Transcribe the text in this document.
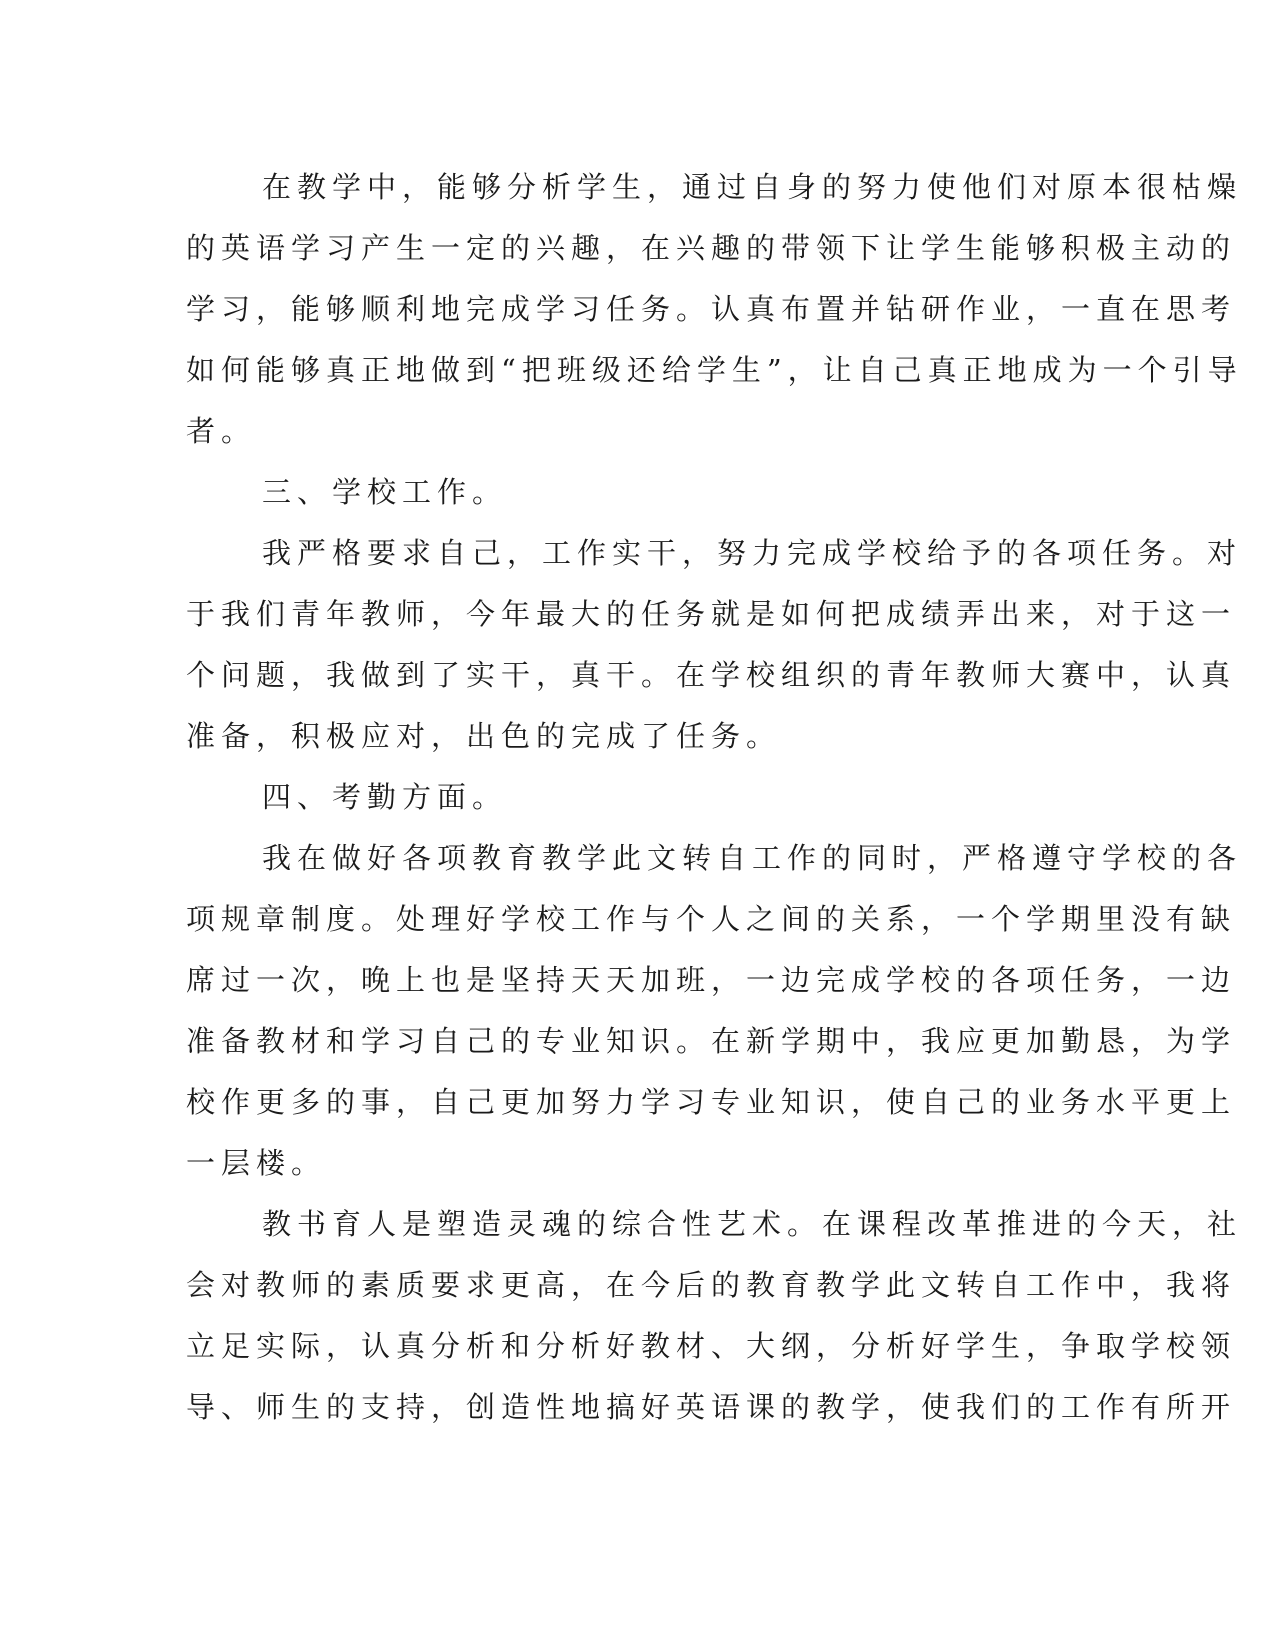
在教学中，能够分析学生，通过自身的努力使他们对原本很枯燥
的英语学习产生一定的兴趣，在兴趣的带领下让学生能够积极主动的
学习，能够顺利地完成学习任务。认真布置并钻研作业，一直在思考
如何能够真正地做到“把班级还给学生”，让自己真正地成为一个引导
者。
三、学校工作。
我严格要求自己，工作实干，努力完成学校给予的各项任务。对
于我们青年教师，今年最大的任务就是如何把成绩弄出来，对于这一
个问题，我做到了实干，真干。在学校组织的青年教师大赛中，认真
准备，积极应对，出色的完成了任务。
四、考勤方面。
我在做好各项教育教学此文转自工作的同时，严格遵守学校的各
项规章制度。处理好学校工作与个人之间的关系，一个学期里没有缺
席过一次，晚上也是坚持天天加班，一边完成学校的各项任务，一边
准备教材和学习自己的专业知识。在新学期中，我应更加勤恳，为学
校作更多的事，自己更加努力学习专业知识，使自己的业务水平更上
一层楼。
教书育人是塑造灵魂的综合性艺术。在课程改革推进的今天，社
会对教师的素质要求更高，在今后的教育教学此文转自工作中，我将
立足实际，认真分析和分析好教材、大纲，分析好学生，争取学校领
导、师生的支持，创造性地搞好英语课的教学，使我们的工作有所开
